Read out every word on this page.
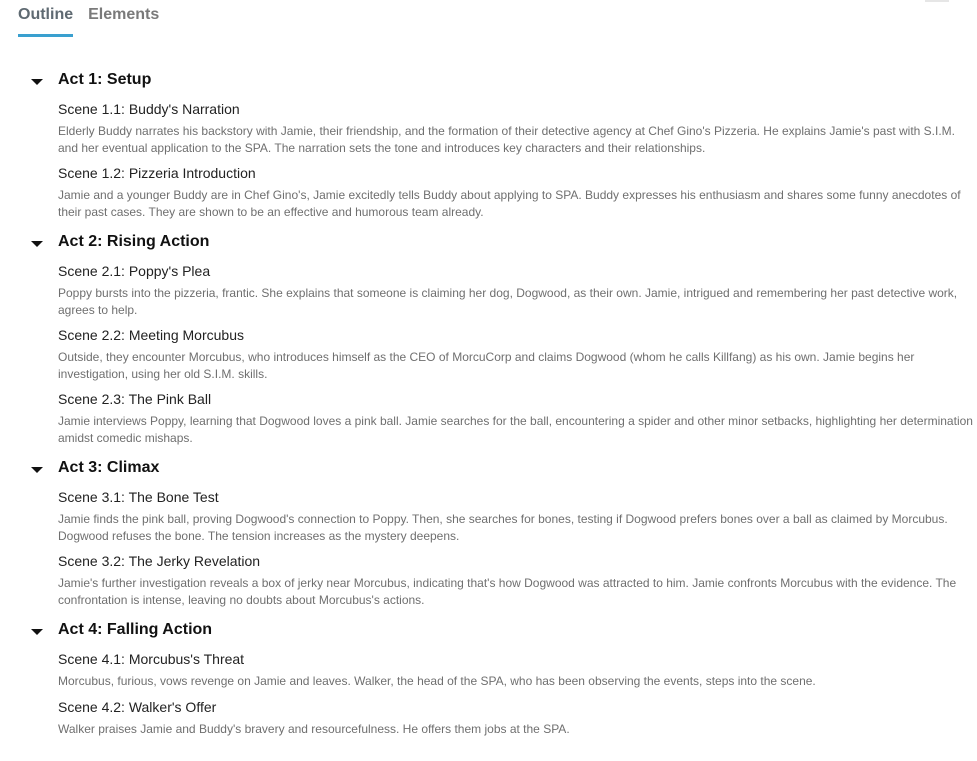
Outline Elements
Act 1: Setup
Scene 1.1: Buddy's Narration
Elderly Buddy narrates his backstory with Jamie, their friendship, and the formation of their detective agency at Chef Gino's Pizzeria. He explains Jamie's past with S.I.M. and her eventual application to the SPA. The narration sets the tone and introduces key characters and their relationships.
Scene 1.2: Pizzeria Introduction
Jamie and a younger Buddy are in Chef Gino's, Jamie excitedly tells Buddy about applying to SPA. Buddy expresses his enthusiasm and shares some funny anecdotes of their past cases. They are shown to be an effective and humorous team already.
Act 2: Rising Action
Scene 2.1: Poppy's Plea
Poppy bursts into the pizzeria, frantic. She explains that someone is claiming her dog, Dogwood, as their own. Jamie, intrigued and remembering her past detective work, agrees to help.
Scene 2.2: Meeting Morcubus
Outside, they encounter Morcubus, who introduces himself as the CEO of MorcuCorp and claims Dogwood (whom he calls Killfang) as his own. Jamie begins her investigation, using her old S.I.M. skills.
Scene 2.3: The Pink Ball
Jamie interviews Poppy, learning that Dogwood loves a pink ball. Jamie searches for the ball, encountering a spider and other minor setbacks, highlighting her determination amidst comedic mishaps.
Act 3: Climax
Scene 3.1: The Bone Test
Jamie finds the pink ball, proving Dogwood's connection to Poppy. Then, she searches for bones, testing if Dogwood prefers bones over a ball as claimed by Morcubus. Dogwood refuses the bone. The tension increases as the mystery deepens.
Scene 3.2: The Jerky Revelation
Jamie's further investigation reveals a box of jerky near Morcubus, indicating that's how Dogwood was attracted to him. Jamie confronts Morcubus with the evidence. The confrontation is intense, leaving no doubts about Morcubus's actions.
Act 4: Falling Action
Scene 4.1: Morcubus's Threat
Morcubus, furious, vows revenge on Jamie and leaves. Walker, the head of the SPA, who has been observing the events, steps into the scene.
Scene 4.2: Walker's Offer
Walker praises Jamie and Buddy's bravery and resourcefulness. He offers them jobs at the SPA.
